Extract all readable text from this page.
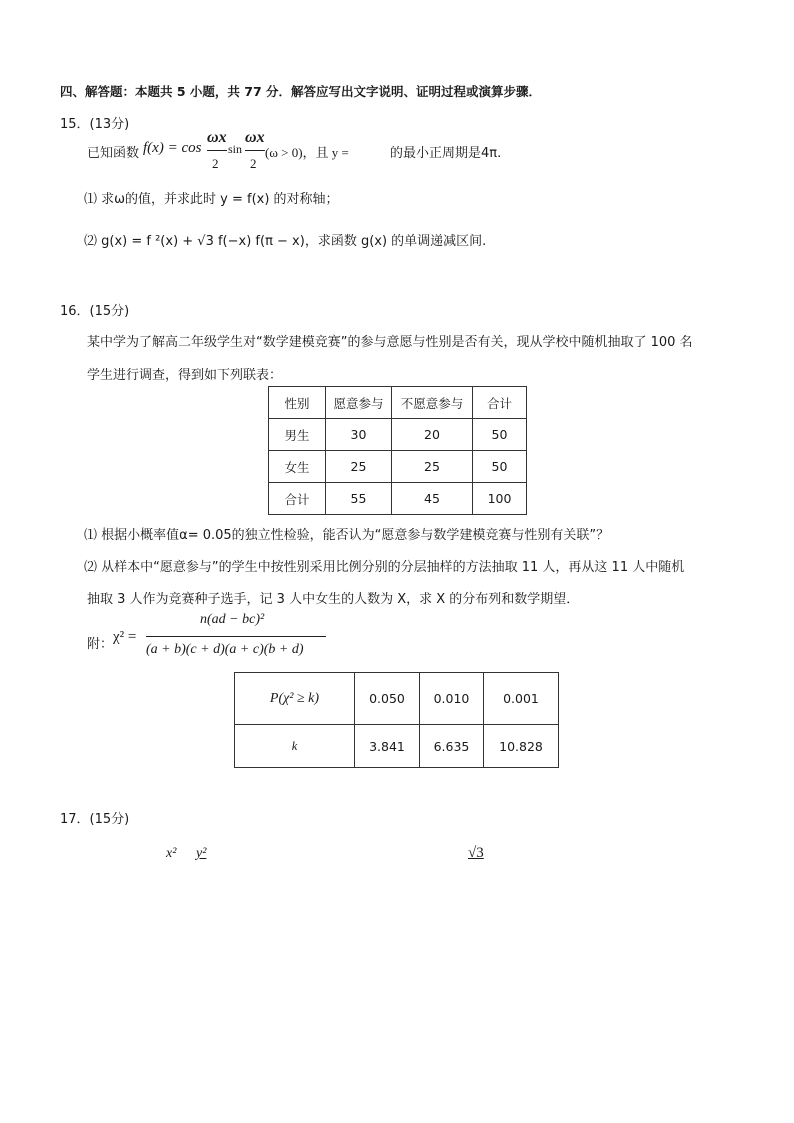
四、解答题：本题共 5 小题，共 77 分．解答应写出文字说明、证明过程或演算步骤．
15．(13分)
已知函数 f(x) = cos
ωx
2
sin
ωx
2
(ω > 0)，且 y =	的最小正周期是4π.
⑴ 求ω的值，并求此时 y = f(x) 的对称轴；
⑵ g(x) = f ²(x) + √3 f(−x) f(π − x)，求函数 g(x) 的单调递减区间.
16．(15分)
某中学为了解高二年级学生对“数学建模竞赛”的参与意愿与性别是否有关，现从学校中随机抽取了 100 名
学生进行调查，得到如下列联表：
性别	愿意参与	不愿意参与	合计
男生	30	20	50
女生	25	25	50
合计	55	45	100
⑴ 根据小概率值α= 0.05的独立性检验，能否认为“愿意参与数学建模竞赛与性别有关联”？
⑵ 从样本中“愿意参与”的学生中按性别采用比例分别的分层抽样的方法抽取 11 人，再从这 11 人中随机
抽取 3 人作为竞赛种子选手，记 3 人中女生的人数为 X，求 X 的分布列和数学期望．
附： χ² =
n(ad − bc)²
(a + b)(c + d)(a + c)(b + d)
P(χ² ≥ k)	0.050	0.010	0.001
k	3.841	6.635	10.828
17．(15分)
x² y²	√3
